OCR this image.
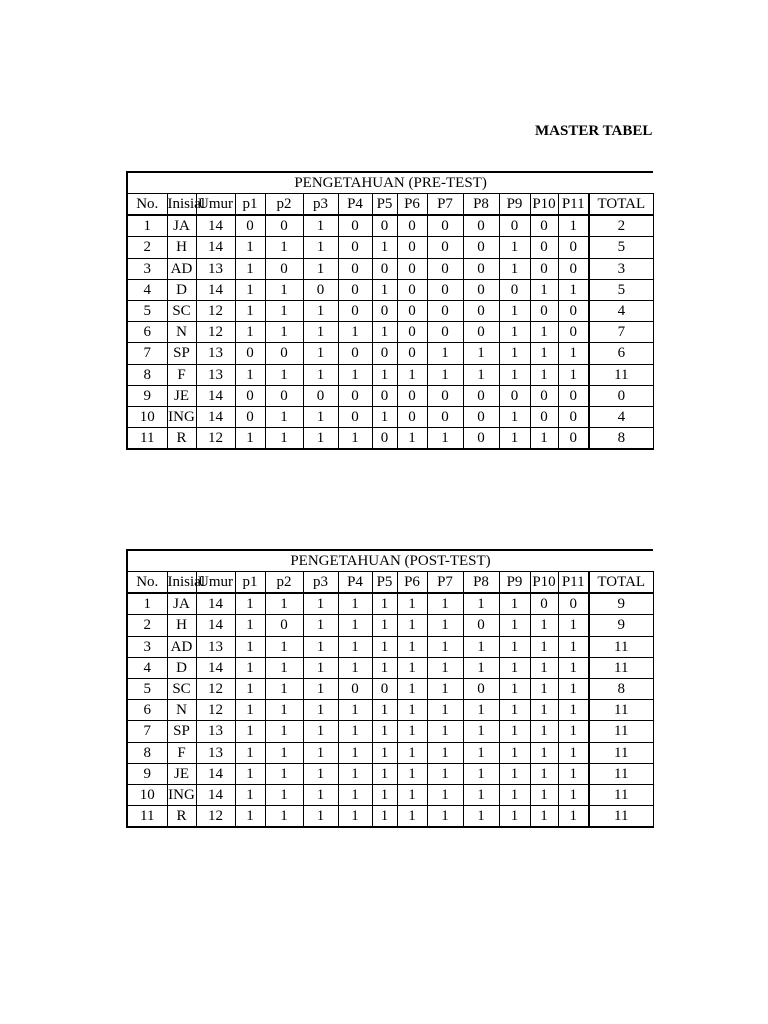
MASTER TABEL
PENGETAHUAN (PRE-TEST)														
No.	Inisial	Umur	p1	p2	p3	P4	P5	P6	P7	P8	P9	P10	P11	TOTAL
1	JA	14	0	0	1	0	0	0	0	0	0	0	1	2
2	H	14	1	1	1	0	1	0	0	0	1	0	0	5
3	AD	13	1	0	1	0	0	0	0	0	1	0	0	3
4	D	14	1	1	0	0	1	0	0	0	0	1	1	5
5	SC	12	1	1	1	0	0	0	0	0	1	0	0	4
6	N	12	1	1	1	1	1	0	0	0	1	1	0	7
7	SP	13	0	0	1	0	0	0	1	1	1	1	1	6
8	F	13	1	1	1	1	1	1	1	1	1	1	1	11
9	JE	14	0	0	0	0	0	0	0	0	0	0	0	0
10	ING	14	0	1	1	0	1	0	0	0	1	0	0	4
11	R	12	1	1	1	1	0	1	1	0	1	1	0	8
PENGETAHUAN (POST-TEST)														
No.	Inisial	Umur	p1	p2	p3	P4	P5	P6	P7	P8	P9	P10	P11	TOTAL
1	JA	14	1	1	1	1	1	1	1	1	1	0	0	9
2	H	14	1	0	1	1	1	1	1	0	1	1	1	9
3	AD	13	1	1	1	1	1	1	1	1	1	1	1	11
4	D	14	1	1	1	1	1	1	1	1	1	1	1	11
5	SC	12	1	1	1	0	0	1	1	0	1	1	1	8
6	N	12	1	1	1	1	1	1	1	1	1	1	1	11
7	SP	13	1	1	1	1	1	1	1	1	1	1	1	11
8	F	13	1	1	1	1	1	1	1	1	1	1	1	11
9	JE	14	1	1	1	1	1	1	1	1	1	1	1	11
10	ING	14	1	1	1	1	1	1	1	1	1	1	1	11
11	R	12	1	1	1	1	1	1	1	1	1	1	1	11
